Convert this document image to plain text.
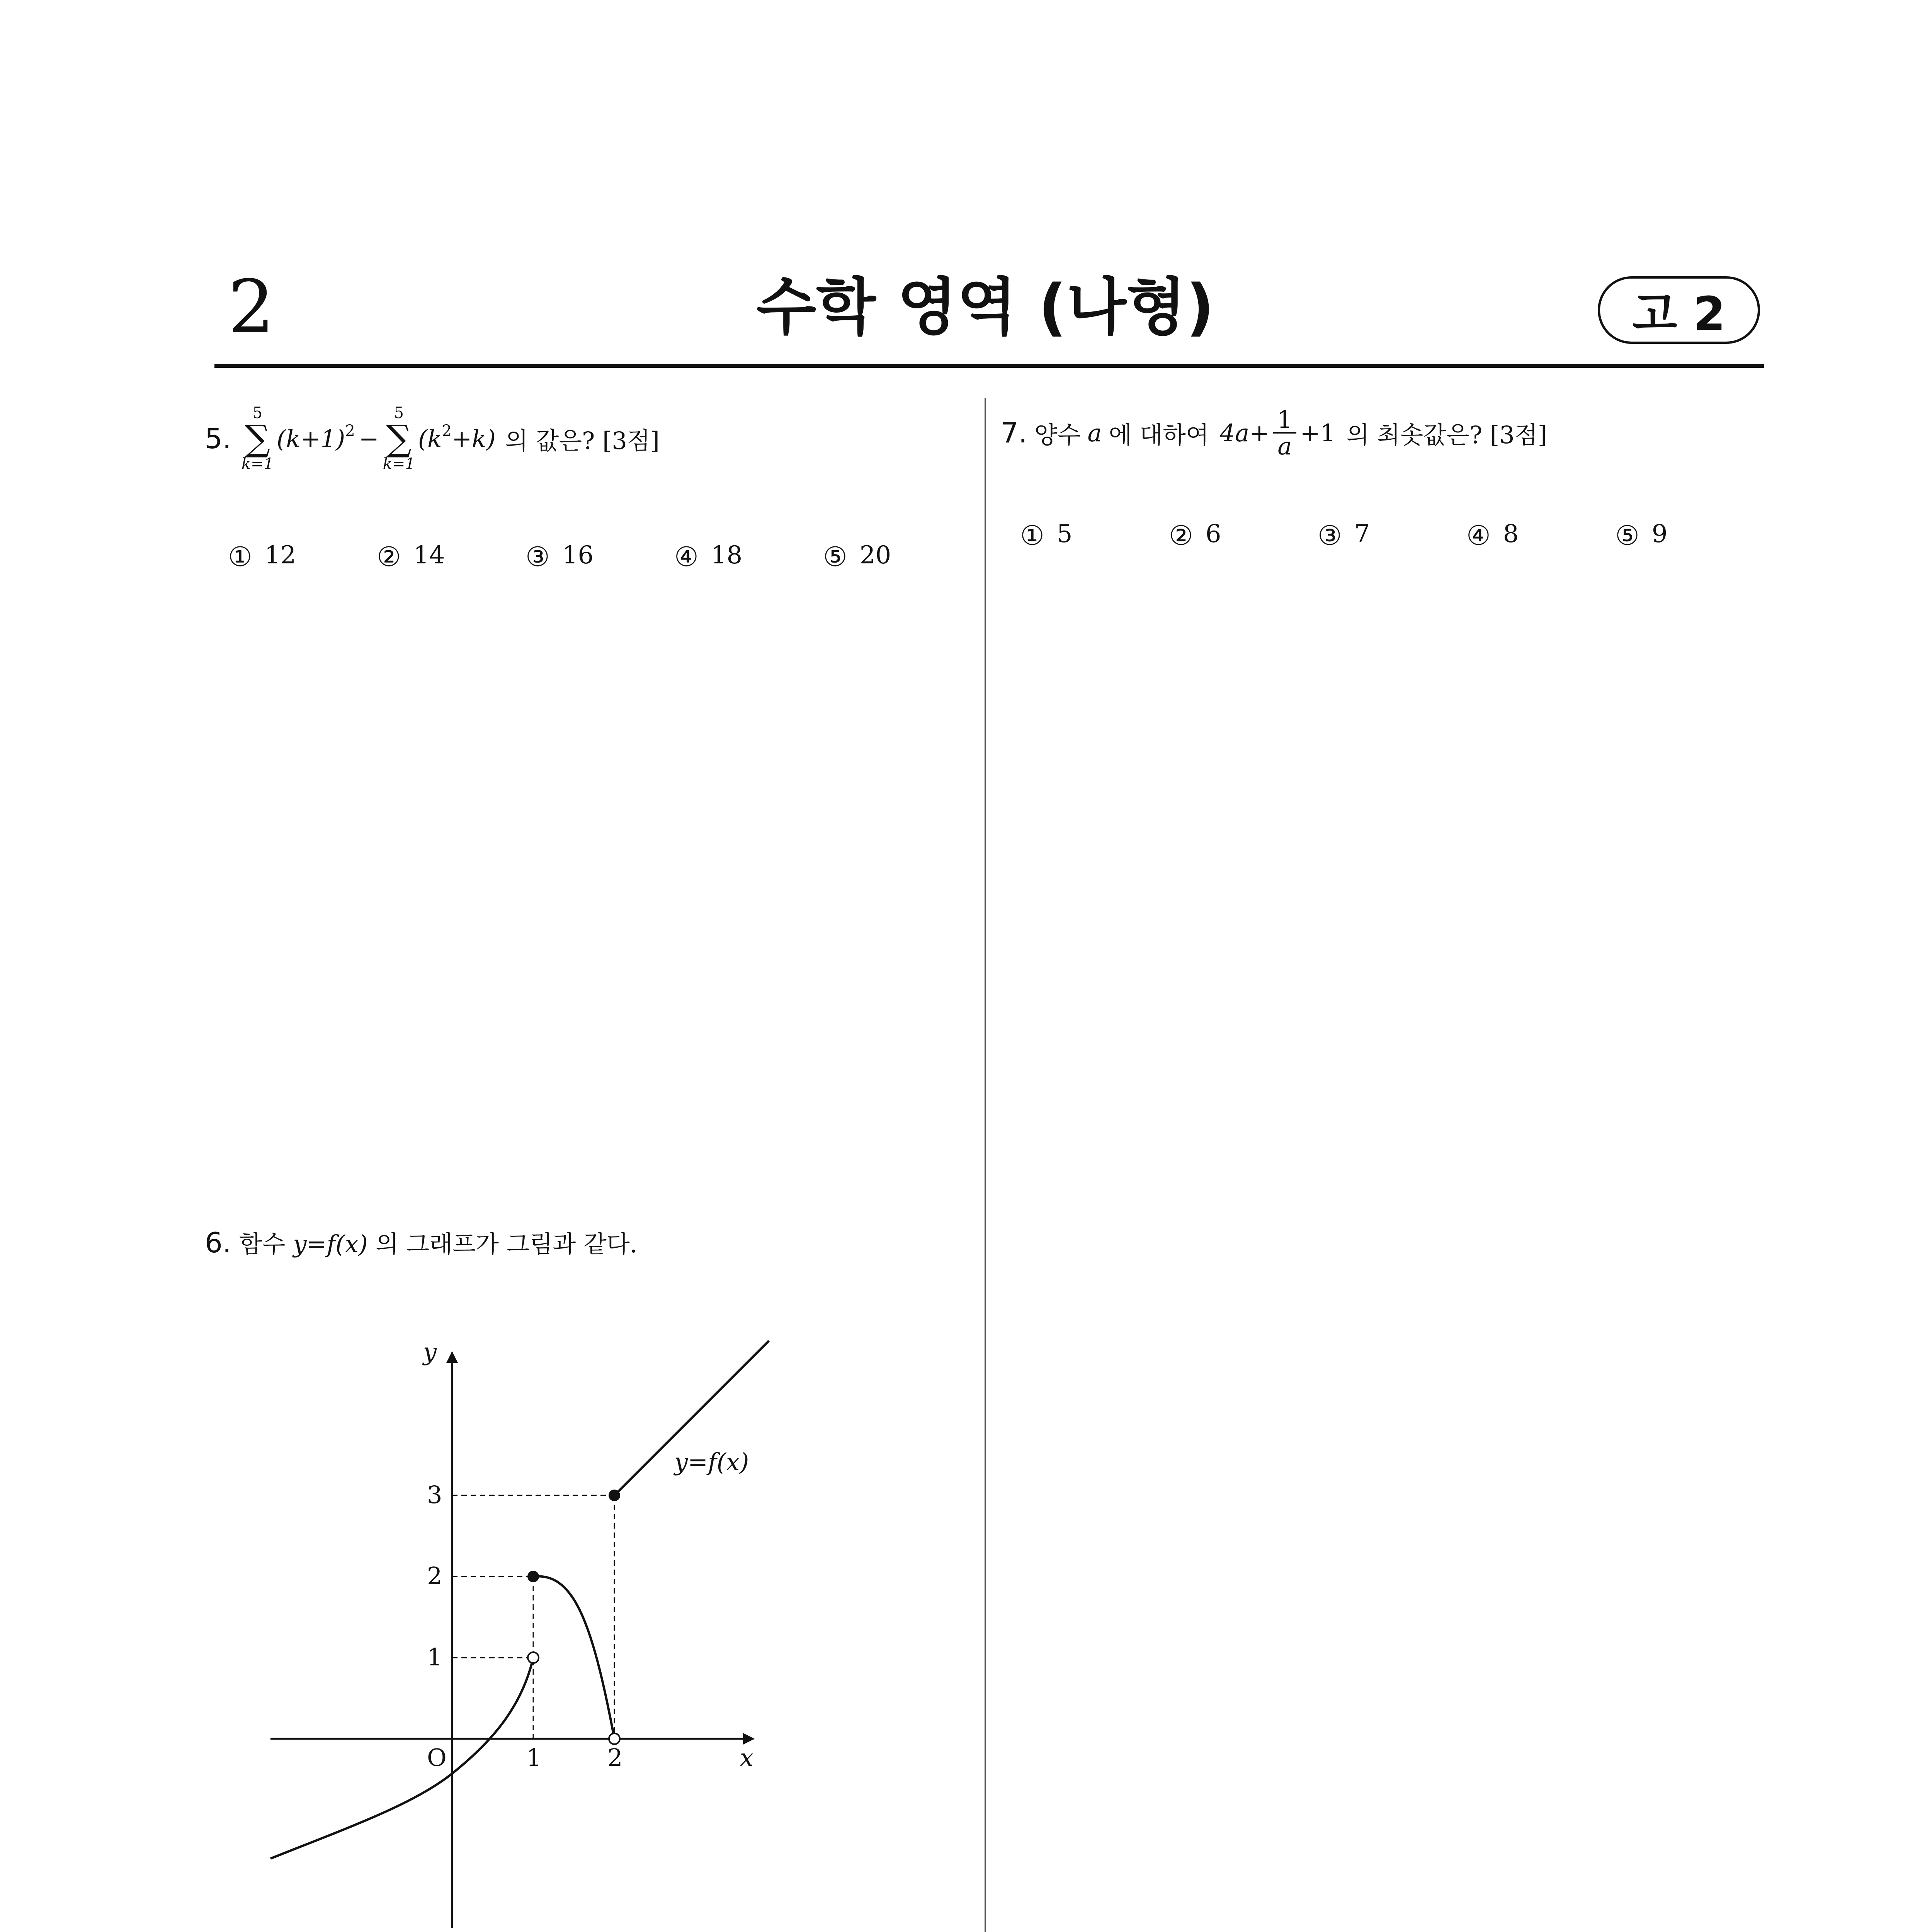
2	수학 영역 (나형)	고 2
5.
5
∑
k=1
(k+1) 2 −
5
∑
k=1
(k 2 +k) 의 값은? [3점]
① 12	② 14	③ 16	④ 18	⑤ 20
6. 함수 y=f(x) 의 그래프가 그림과 같다.
y
x
O	1	2
1
2
3
y=f(x)
7. 양수 a 에 대하여 $4a+ \frac{1}{a} +1$ 의 최솟값은? [3점]
① 5	② 6	③ 7	④ 8	⑤ 9
